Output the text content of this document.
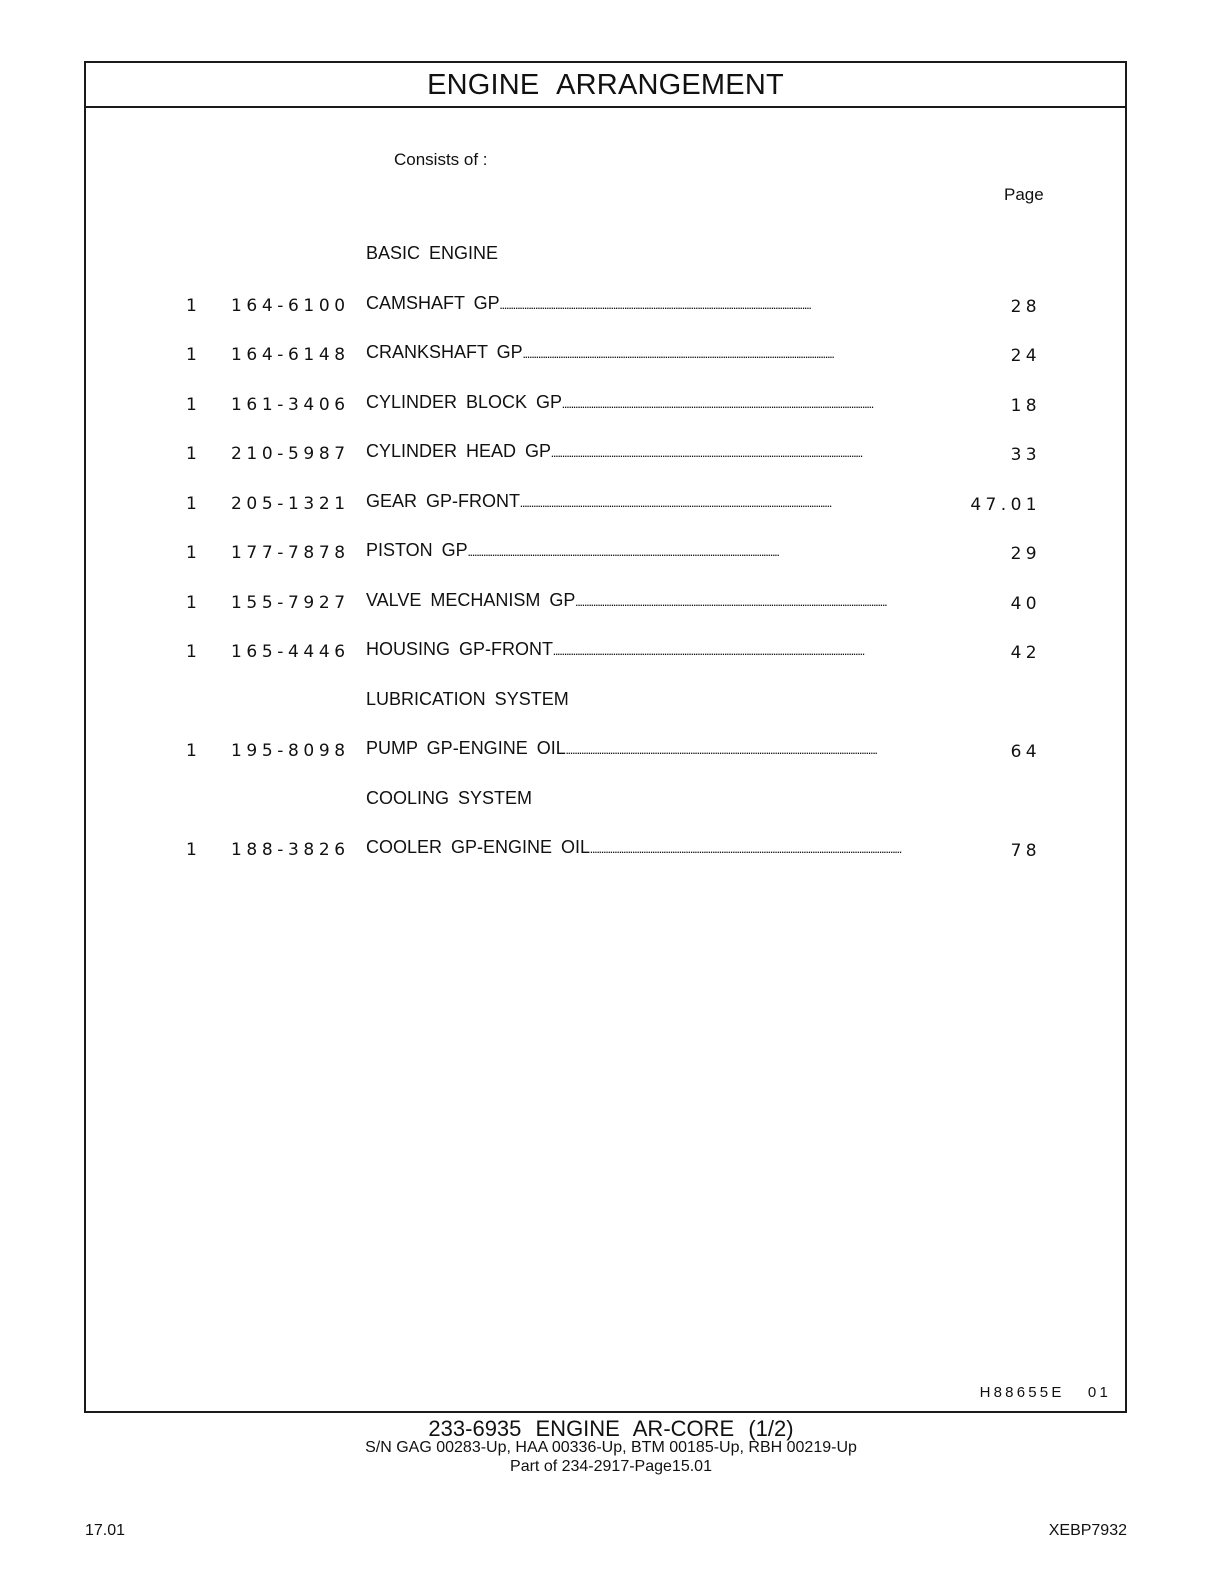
ENGINE ARRANGEMENT
Consists of :
Page
BASIC ENGINE
1 164-6100 CAMSHAFT GP . . .	28
1 164-6148 CRANKSHAFT GP . . .	24
1 161-3406 CYLINDER BLOCK GP . . .	18
1 210-5987 CYLINDER HEAD GP . . .	33
1 205-1321 GEAR GP-FRONT . . .	47.01
1 177-7878 PISTON GP . . .	29
1 155-7927 VALVE MECHANISM GP . . .	40
1 165-4446 HOUSING GP-FRONT . . .	42
LUBRICATION SYSTEM
1 195-8098 PUMP GP-ENGINE OIL . . .	64
COOLING SYSTEM
1 188-3826 COOLER GP-ENGINE OIL . . .	78
H88655E 01
233-6935 ENGINE AR-CORE (1/2)
S/N GAG 00283-Up, HAA 00336-Up, BTM 00185-Up, RBH 00219-Up
Part of 234-2917-Page15.01
17.01	XEBP7932
